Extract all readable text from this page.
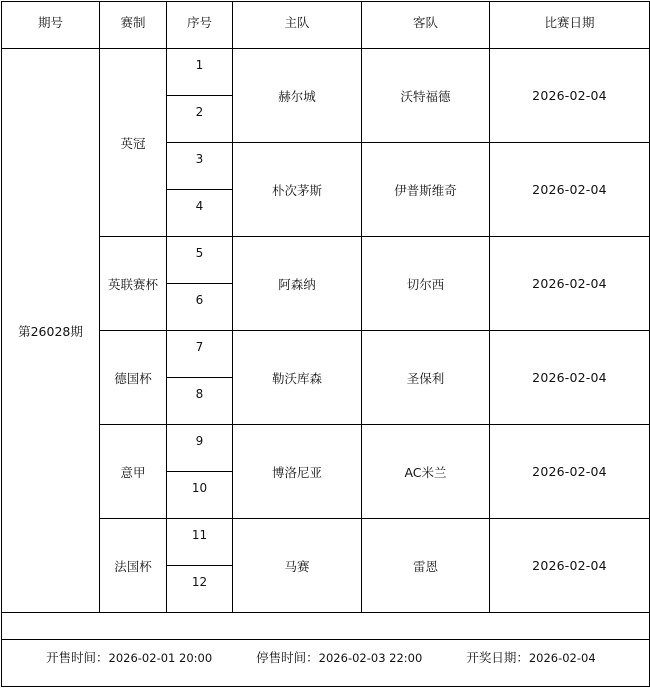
期号	赛制	序号	主队	客队	比赛日期

第26028期	英冠	1	赫尔城	沃特福德	2026-02-04

		2			

		3	朴次茅斯	伊普斯维奇	2026-02-04

		4			

	英联赛杯	5	阿森纳	切尔西	2026-02-04

		6			

	德国杯	7	勒沃库森	圣保利	2026-02-04

		8			

	意甲	9	博洛尼亚	AC米兰	2026-02-04

		10			

	法国杯	11	马赛	雷恩	2026-02-04

		12			

开售时间：2026-02-01 20:00 停售时间：2026-02-03 22:00 开奖日期：2026-02-04					
